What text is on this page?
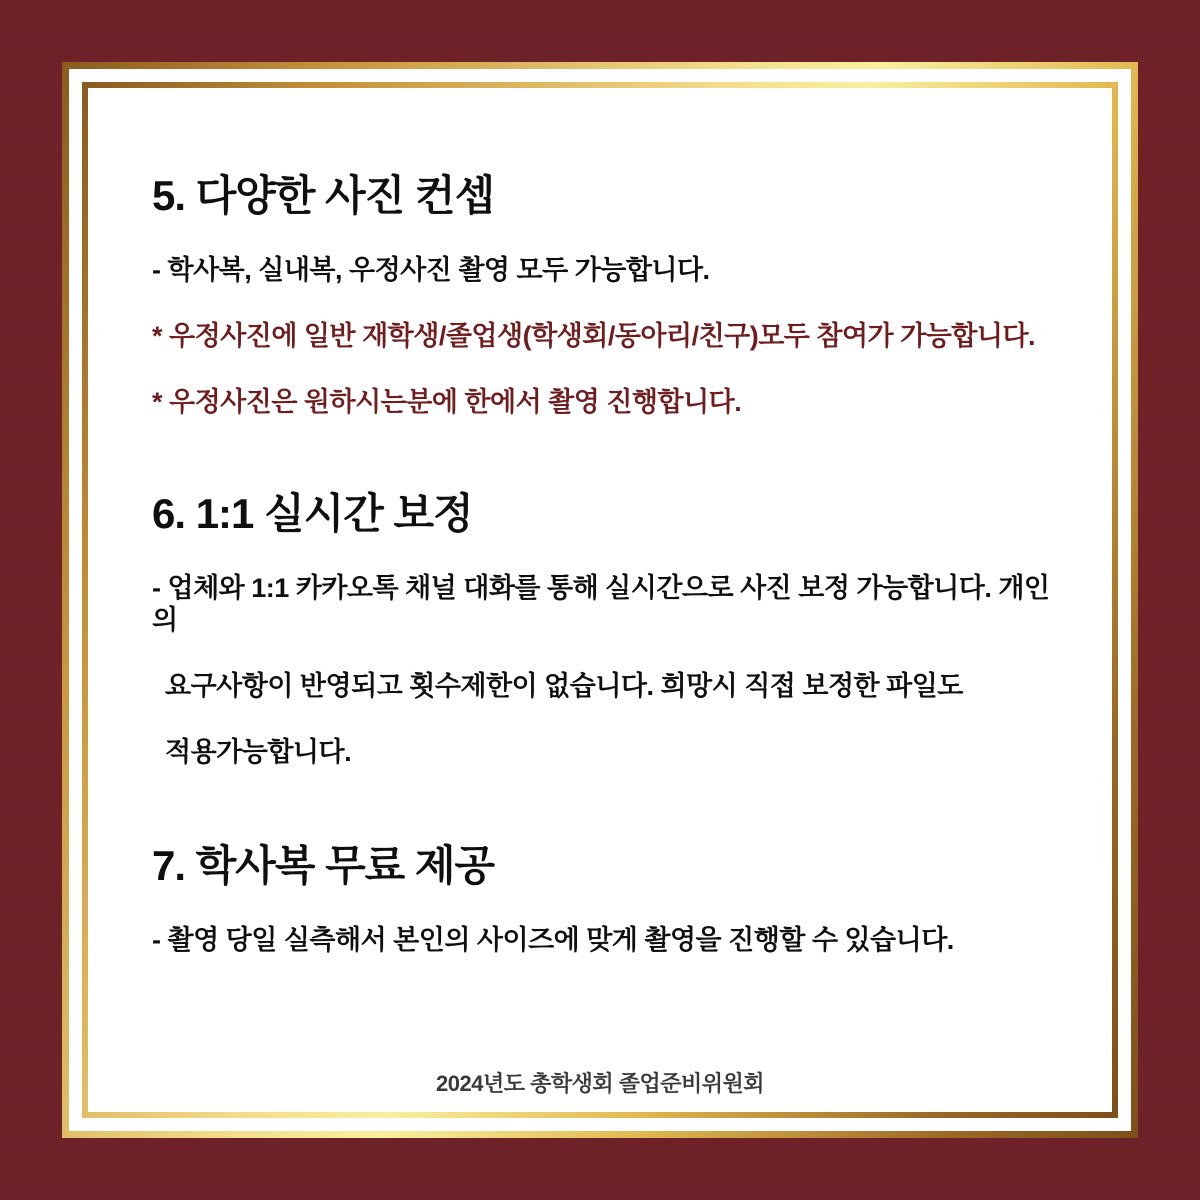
5. 다양한 사진 컨셉
- 학사복, 실내복, 우정사진 촬영 모두 가능합니다.
* 우정사진에 일반 재학생/졸업생(학생회/동아리/친구)모두 참여가 가능합니다.
* 우정사진은 원하시는분에 한에서 촬영 진행합니다.
6. 1:1 실시간 보정
- 업체와 1:1 카카오톡 채널 대화를 통해 실시간으로 사진 보정 가능합니다. 개인의
요구사항이 반영되고 횟수제한이 없습니다. 희망시 직접 보정한 파일도
적용가능합니다.
7. 학사복 무료 제공
- 촬영 당일 실측해서 본인의 사이즈에 맞게 촬영을 진행할 수 있습니다.
2024년도 총학생회 졸업준비위원회
